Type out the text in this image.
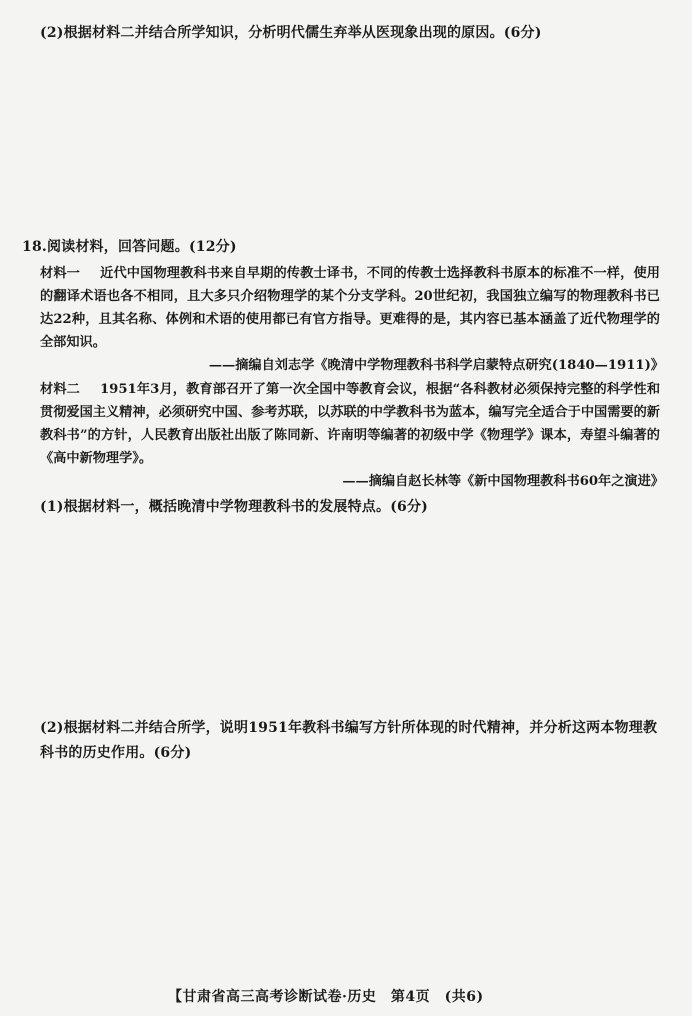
(2)根据材料二并结合所学知识，分析明代儒生弃举从医现象出现的原因。(6分)
18.阅读材料，回答问题。(12分)
材料一 近代中国物理教科书来自早期的传教士译书，不同的传教士选择教科书原本的标准不一样，使用的翻译术语也各不相同，且大多只介绍物理学的某个分支学科。20世纪初，我国独立编写的物理教科书已达22种，且其名称、体例和术语的使用都已有官方指导。更难得的是，其内容已基本涵盖了近代物理学的全部知识。
——摘编自刘志学《晚清中学物理教科书科学启蒙特点研究(1840—1911)》
材料二 1951年3月，教育部召开了第一次全国中等教育会议，根据“各科教材必须保持完整的科学性和贯彻爱国主义精神，必须研究中国、参考苏联，以苏联的中学教科书为蓝本，编写完全适合于中国需要的新教科书”的方针，人民教育出版社出版了陈同新、许南明等编著的初级中学《物理学》课本，寿望斗编著的《高中新物理学》。
——摘编自赵长林等《新中国物理教科书60年之演进》
(1)根据材料一，概括晚清中学物理教科书的发展特点。(6分)
(2)根据材料二并结合所学，说明1951年教科书编写方针所体现的时代精神，并分析这两本物理教科书的历史作用。(6分)
【甘肃省高三高考诊断试卷·历史　第4页　(共6)
